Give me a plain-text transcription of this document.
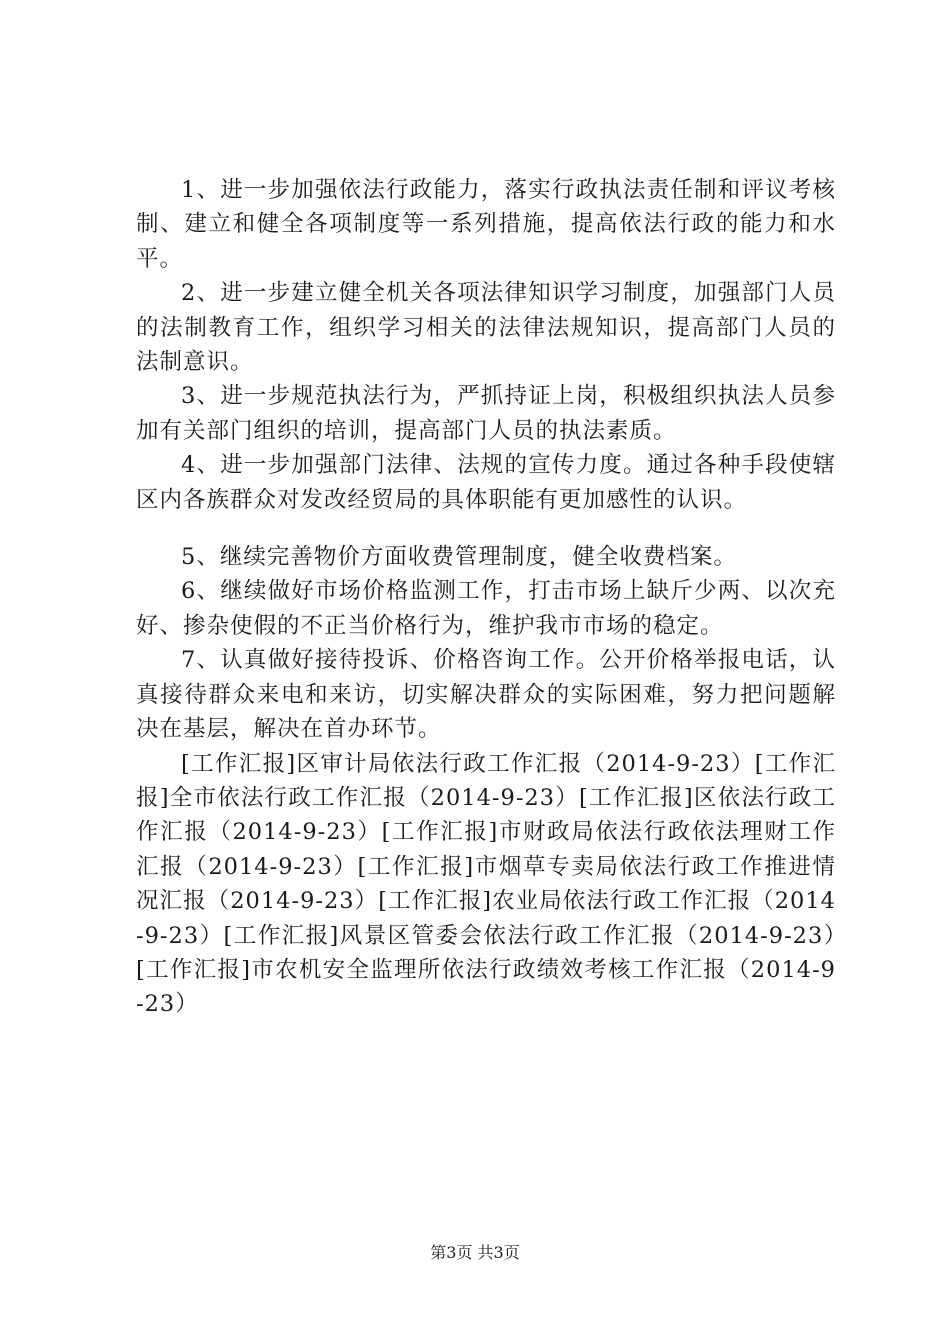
1、进一步加强依法行政能力，落实行政执法责任制和评议考核制、建立和健全各项制度等一系列措施，提高依法行政的能力和水平。

2、进一步建立健全机关各项法律知识学习制度，加强部门人员的法制教育工作，组织学习相关的法律法规知识，提高部门人员的法制意识。

3、进一步规范执法行为，严抓持证上岗，积极组织执法人员参加有关部门组织的培训，提高部门人员的执法素质。

4、进一步加强部门法律、法规的宣传力度。通过各种手段使辖区内各族群众对发改经贸局的具体职能有更加感性的认识。

5、继续完善物价方面收费管理制度，健全收费档案。

6、继续做好市场价格监测工作，打击市场上缺斤少两、以次充好、掺杂使假的不正当价格行为，维护我市市场的稳定。

7、认真做好接待投诉、价格咨询工作。公开价格举报电话，认真接待群众来电和来访，切实解决群众的实际困难，努力把问题解决在基层，解决在首办环节。

[工作汇报]区审计局依法行政工作汇报（2014-9-23）[工作汇报]全市依法行政工作汇报（2014-9-23）[工作汇报]区依法行政工作汇报（2014-9-23）[工作汇报]市财政局依法行政依法理财工作汇报（2014-9-23）[工作汇报]市烟草专卖局依法行政工作推进情况汇报（2014-9-23）[工作汇报]农业局依法行政工作汇报（2014-9-23）[工作汇报]风景区管委会依法行政工作汇报（2014-9-23）[工作汇报]市农机安全监理所依法行政绩效考核工作汇报（2014-9-23）

第3页 共3页
